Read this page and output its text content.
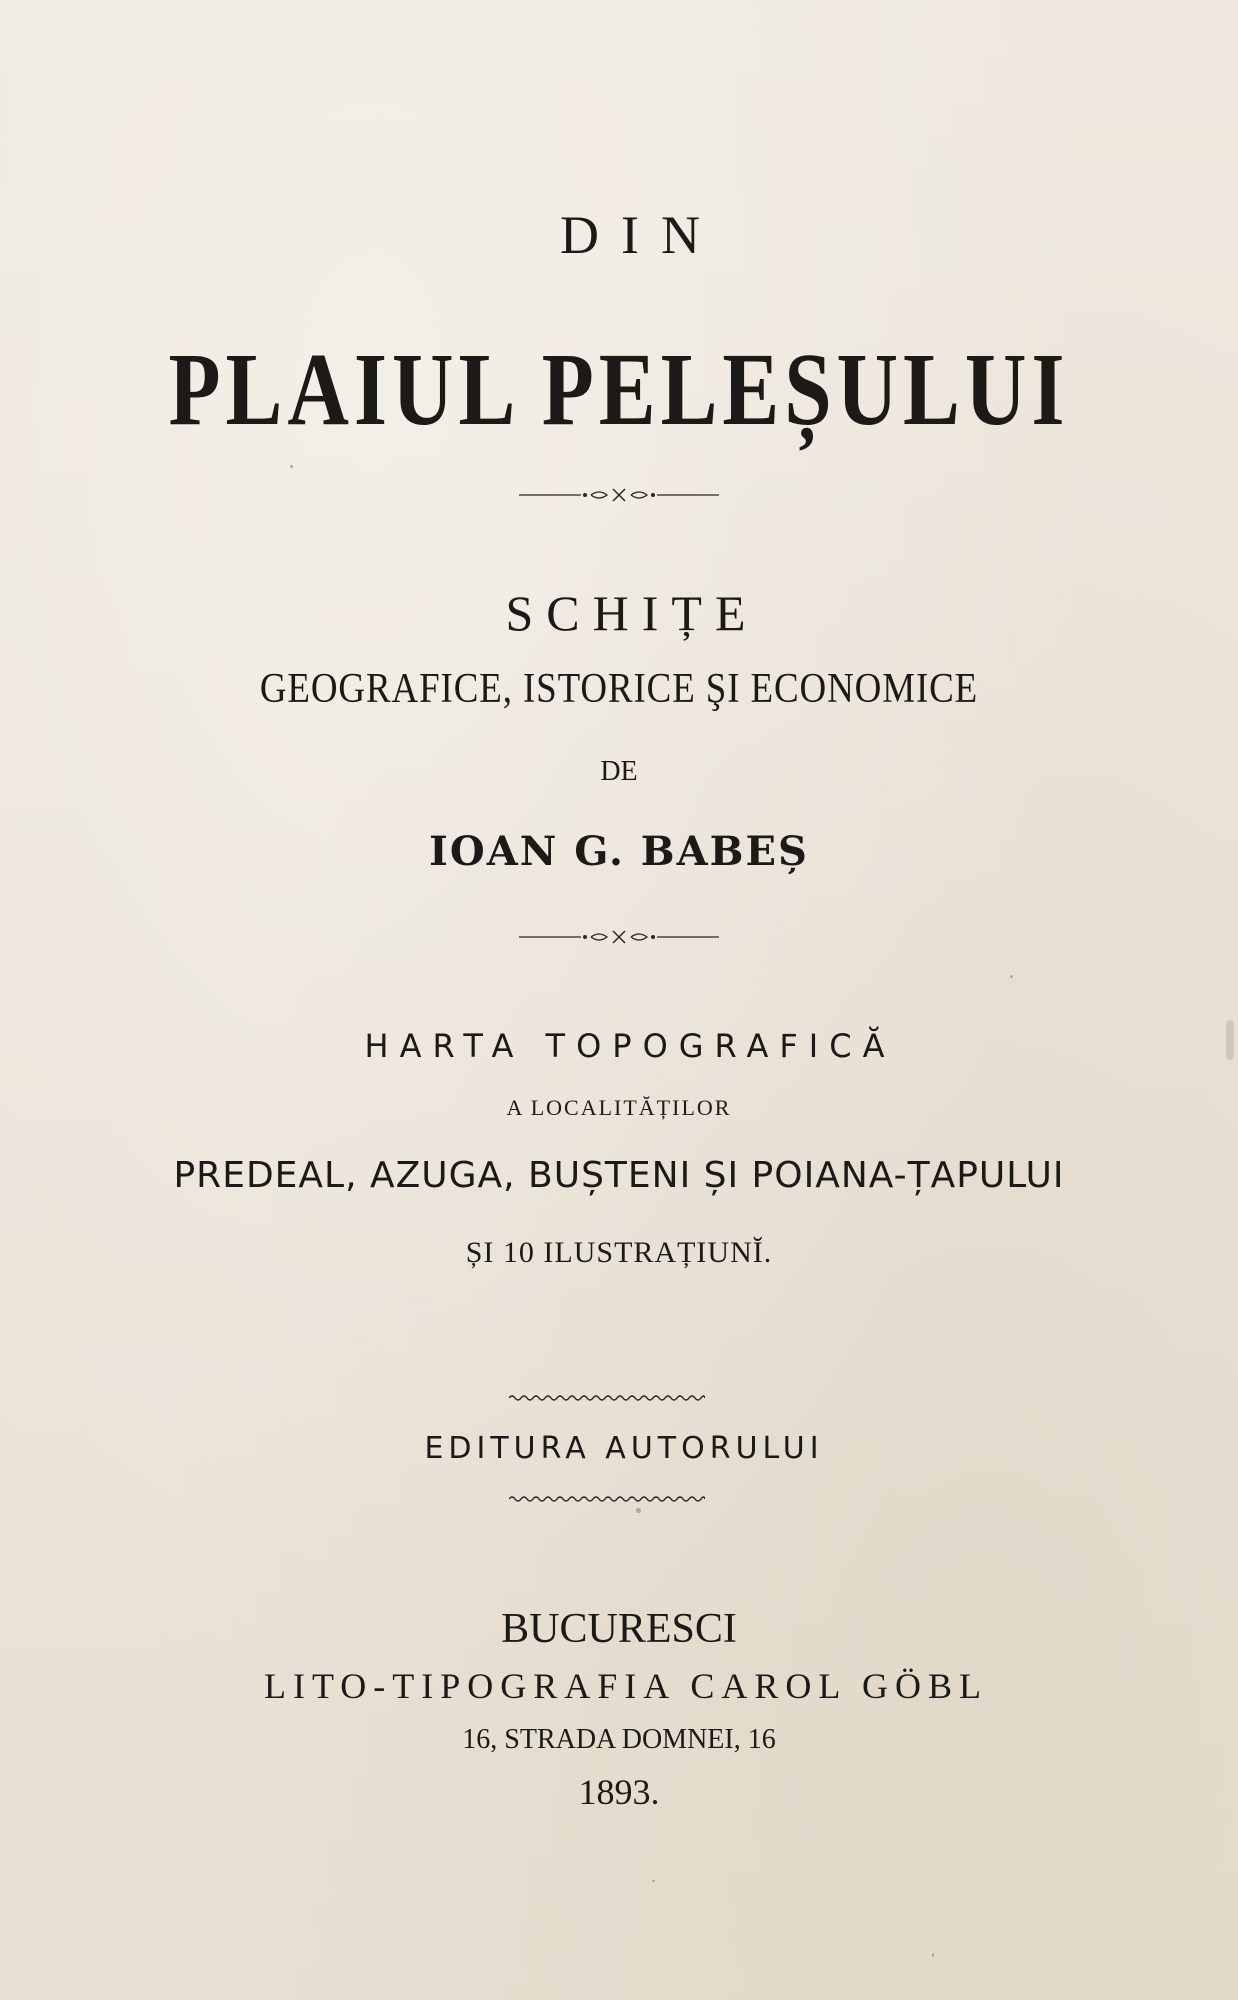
DIN
PLAIUL PELEȘULUI
SCHIȚE
GEOGRAFICE, ISTORICE ŞI ECONOMICE
DE
IOAN G. BABEȘ
HARTA TOPOGRAFICĂ
A LOCALITĂȚILOR
PREDEAL, AZUGA, BUȘTENI ȘI POIANA-ȚAPULUI
ȘI 10 ILUSTRAȚIUNĬ.
EDITURA AUTORULUI
BUCURESCI
LITO-TIPOGRAFIA CAROL GÖBL
16, STRADA DOMNEI, 16
1893.
